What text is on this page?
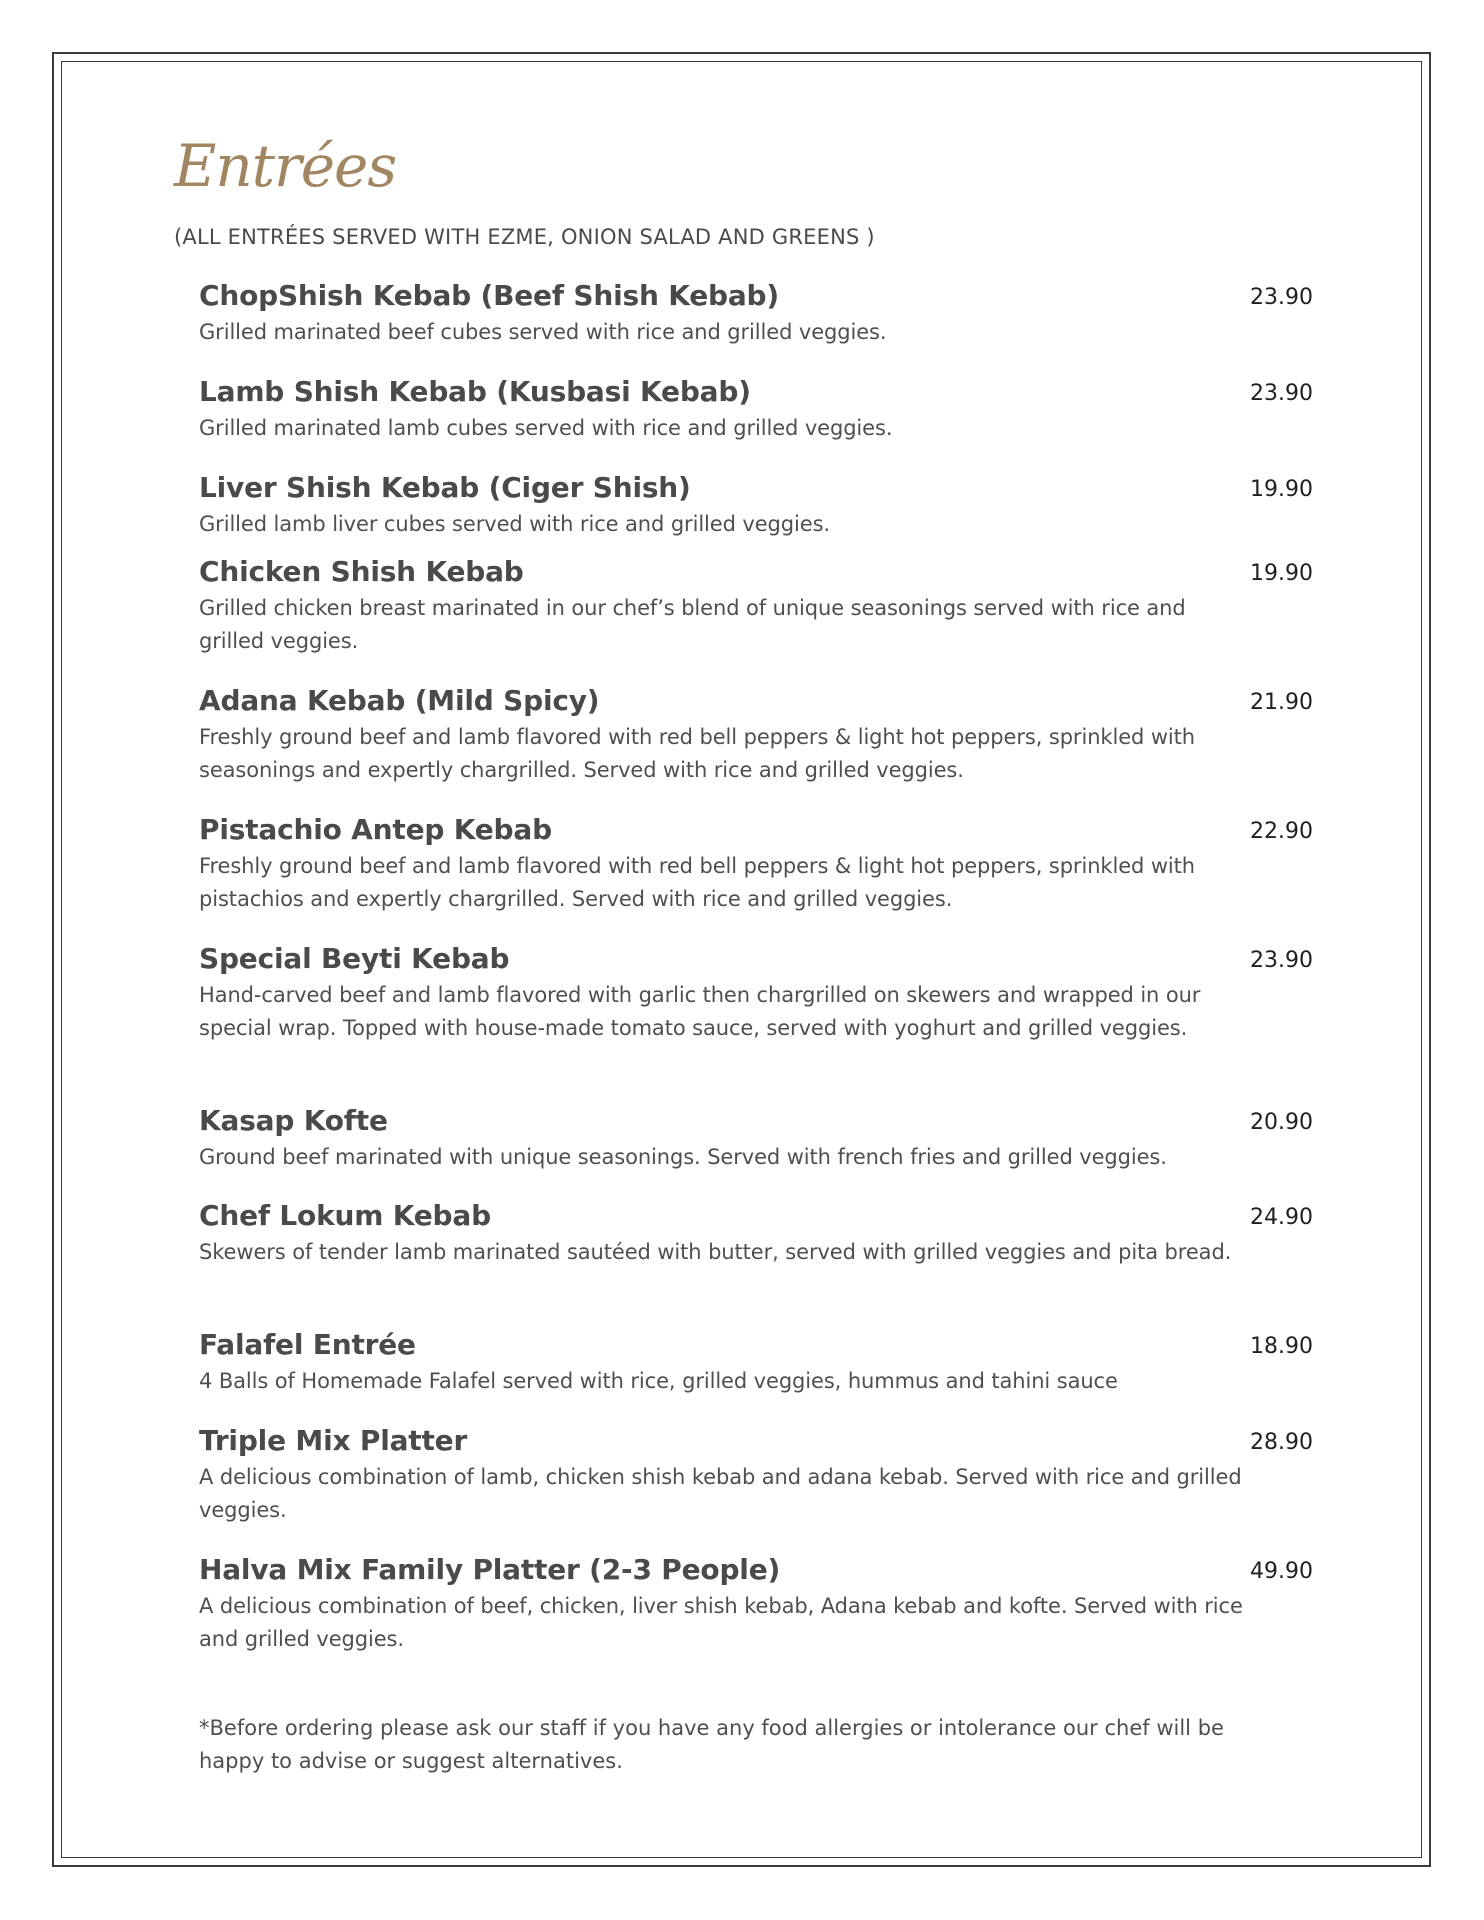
Entrées
(ALL ENTRÉES SERVED WITH EZME, ONION SALAD AND GREENS )
ChopShish Kebab (Beef Shish Kebab)
Grilled marinated beef cubes served with rice and grilled veggies.
23.90
Lamb Shish Kebab (Kusbasi Kebab)
Grilled marinated lamb cubes served with rice and grilled veggies.
23.90
Liver Shish Kebab (Ciger Shish)
Grilled lamb liver cubes served with rice and grilled veggies.
19.90
Chicken Shish Kebab
Grilled chicken breast marinated in our chef’s blend of unique seasonings served with rice and grilled veggies.
19.90
Adana Kebab (Mild Spicy)
Freshly ground beef and lamb flavored with red bell peppers & light hot peppers, sprinkled with seasonings and expertly chargrilled. Served with rice and grilled veggies.
21.90
Pistachio Antep Kebab
Freshly ground beef and lamb flavored with red bell peppers & light hot peppers, sprinkled with pistachios and expertly chargrilled. Served with rice and grilled veggies.
22.90
Special Beyti Kebab
Hand-carved beef and lamb flavored with garlic then chargrilled on skewers and wrapped in our special wrap. Topped with house-made tomato sauce, served with yoghurt and grilled veggies.
23.90
Kasap Kofte
Ground beef marinated with unique seasonings. Served with french fries and grilled veggies.
20.90
Chef Lokum Kebab
Skewers of tender lamb marinated sautéed with butter, served with grilled veggies and pita bread.
24.90
Falafel Entrée
4 Balls of Homemade Falafel served with rice, grilled veggies, hummus and tahini sauce
18.90
Triple Mix Platter
A delicious combination of lamb, chicken shish kebab and adana kebab. Served with rice and grilled veggies.
28.90
Halva Mix Family Platter (2-3 People)
A delicious combination of beef, chicken, liver shish kebab, Adana kebab and kofte. Served with rice and grilled veggies.
49.90
*Before ordering please ask our staff if you have any food allergies or intolerance our chef will be happy to advise or suggest alternatives.
